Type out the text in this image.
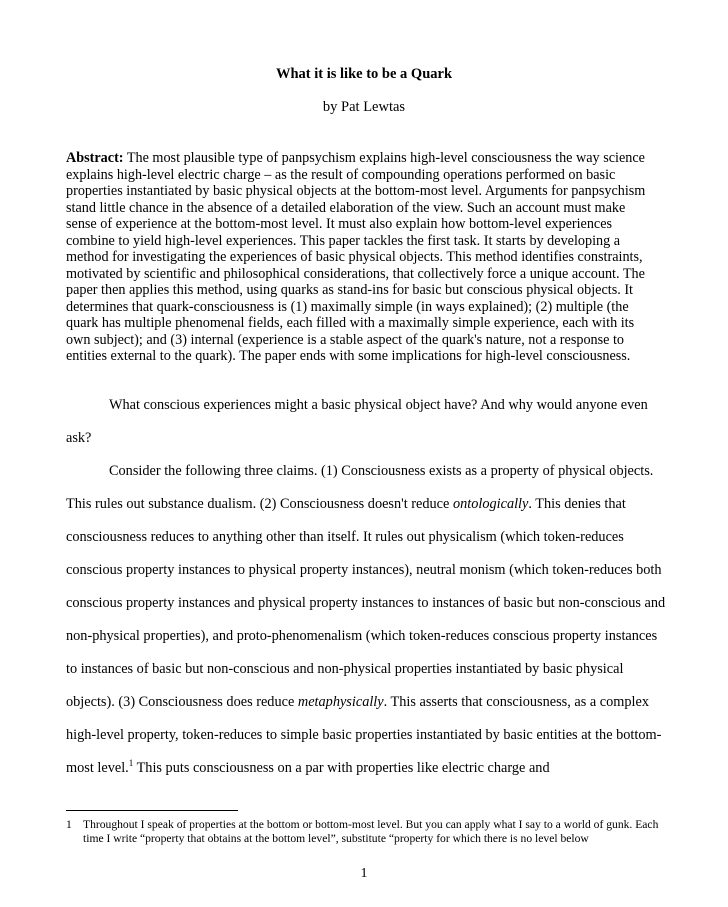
What it is like to be a Quark
by Pat Lewtas

Abstract: The most plausible type of panpsychism explains high-level consciousness the way science explains high-level electric charge – as the result of compounding operations performed on basic properties instantiated by basic physical objects at the bottom-most level. Arguments for panpsychism stand little chance in the absence of a detailed elaboration of the view. Such an account must make sense of experience at the bottom-most level. It must also explain how bottom-level experiences combine to yield high-level experiences. This paper tackles the first task. It starts by developing a method for investigating the experiences of basic physical objects. This method identifies constraints, motivated by scientific and philosophical considerations, that collectively force a unique account. The paper then applies this method, using quarks as stand-ins for basic but conscious physical objects. It determines that quark-consciousness is (1) maximally simple (in ways explained); (2) multiple (the quark has multiple phenomenal fields, each filled with a maximally simple experience, each with its own subject); and (3) internal (experience is a stable aspect of the quark's nature, not a response to entities external to the quark). The paper ends with some implications for high-level consciousness.

What conscious experiences might a basic physical object have? And why would anyone even ask?

Consider the following three claims. (1) Consciousness exists as a property of physical objects. This rules out substance dualism. (2) Consciousness doesn't reduce ontologically. This denies that consciousness reduces to anything other than itself. It rules out physicalism (which token-reduces conscious property instances to physical property instances), neutral monism (which token-reduces both conscious property instances and physical property instances to instances of basic but non-conscious and non-physical properties), and proto-phenomenalism (which token-reduces conscious property instances to instances of basic but non-conscious and non-physical properties instantiated by basic physical objects). (3) Consciousness does reduce metaphysically. This asserts that consciousness, as a complex high-level property, token-reduces to simple basic properties instantiated by basic entities at the bottom-most level.$^1$ This puts consciousness on a par with properties like electric charge and

1 Throughout I speak of properties at the bottom or bottom-most level. But you can apply what I say to a world of gunk. Each time I write “property that obtains at the bottom level”, substitute “property for which there is no level below
1
